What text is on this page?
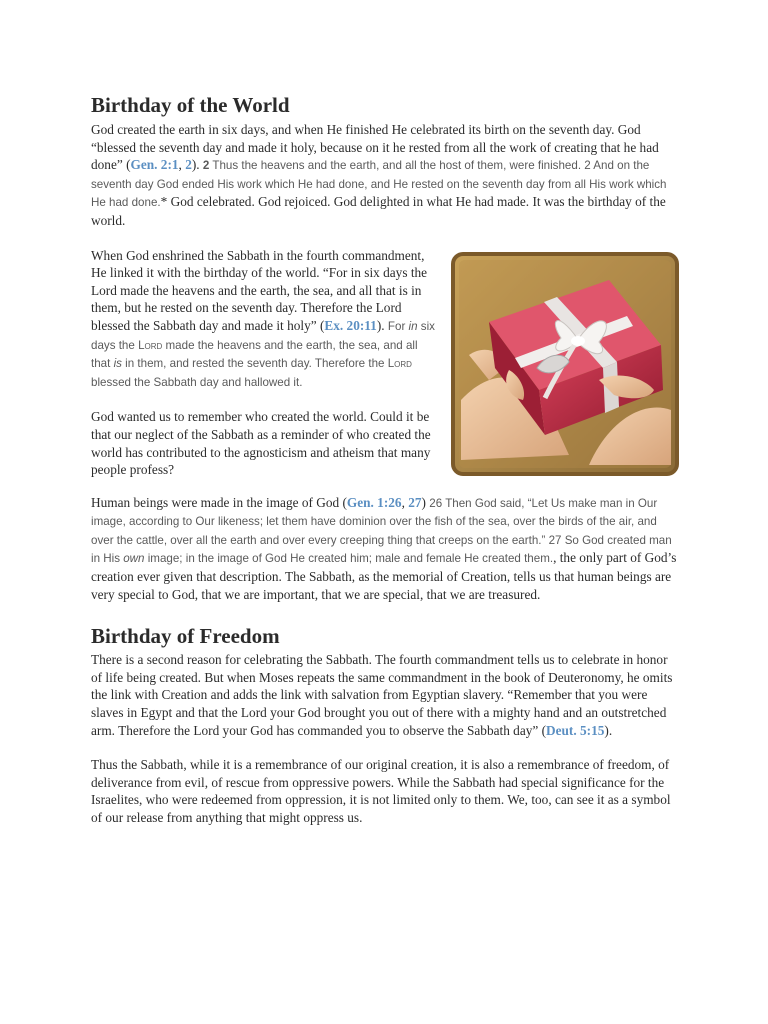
Birthday of the World

God created the earth in six days, and when He finished He celebrated its birth on the seventh day. God “blessed the seventh day and made it holy, because on it he rested from all the work of creating that he had done” (Gen. 2:1, 2). 2 Thus the heavens and the earth, and all the host of them, were finished. 2 And on the seventh day God ended His work which He had done, and He rested on the seventh day from all His work which He had done.* God celebrated. God rejoiced. God delighted in what He had made. It was the birthday of the world.

When God enshrined the Sabbath in the fourth commandment, He linked it with the birthday of the world. “For in six days the Lord made the heavens and the earth, the sea, and all that is in them, but he rested on the seventh day. Therefore the Lord blessed the Sabbath day and made it holy” (Ex. 20:11). For in six days the Lord made the heavens and the earth, the sea, and all that is in them, and rested the seventh day. Therefore the Lord blessed the Sabbath day and hallowed it.

God wanted us to remember who created the world. Could it be that our neglect of the Sabbath as a reminder of who created the world has contributed to the agnosticism and atheism that many people profess?

Human beings were made in the image of God (Gen. 1:26, 27) 26 Then God said, “Let Us make man in Our image, according to Our likeness; let them have dominion over the fish of the sea, over the birds of the air, and over the cattle, over all the earth and over every creeping thing that creeps on the earth.” 27 So God created man in His own image; in the image of God He created him; male and female He created them., the only part of God’s creation ever given that description. The Sabbath, as the memorial of Creation, tells us that human beings are very special to God, that we are important, that we are special, that we are treasured.

Birthday of Freedom

There is a second reason for celebrating the Sabbath. The fourth commandment tells us to celebrate in honor of life being created. But when Moses repeats the same commandment in the book of Deuteronomy, he omits the link with Creation and adds the link with salvation from Egyptian slavery. “Remember that you were slaves in Egypt and that the Lord your God brought you out of there with a mighty hand and an outstretched arm. Therefore the Lord your God has commanded you to observe the Sabbath day” (Deut. 5:15).

Thus the Sabbath, while it is a remembrance of our original creation, it is also a remembrance of freedom, of deliverance from evil, of rescue from oppressive powers. While the Sabbath had special significance for the Israelites, who were redeemed from oppression, it is not limited only to them. We, too, can see it as a symbol of our release from anything that might oppress us.
